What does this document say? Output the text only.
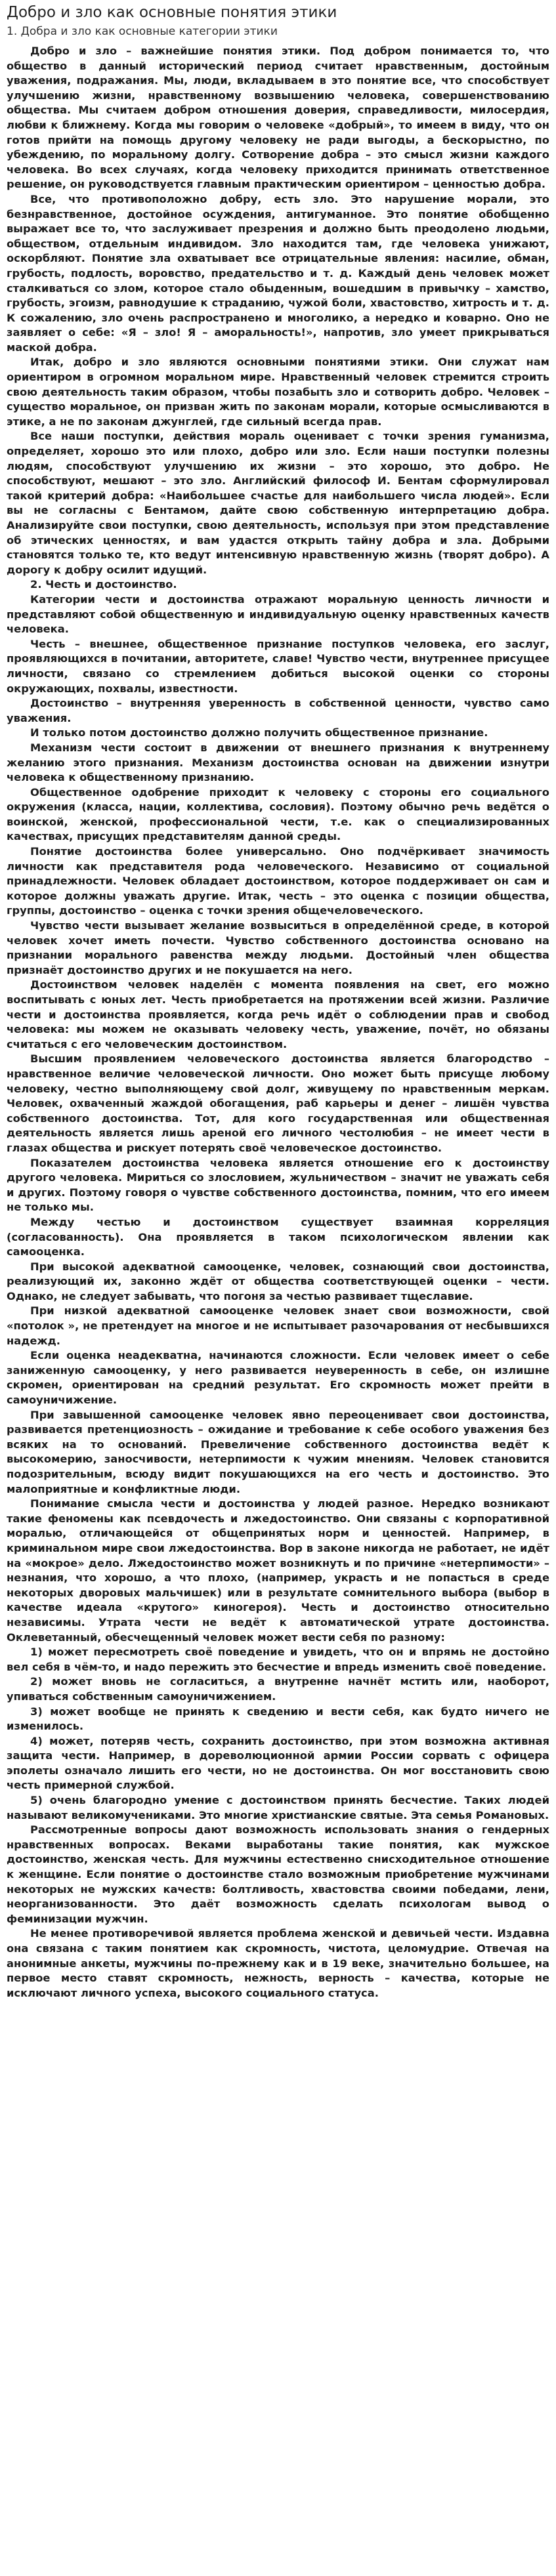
Добро и зло как основные понятия этики
1. Добра и зло как основные категории этики

Добро и зло – важнейшие понятия этики. Под добром понимается то, что общество в данный исторический период считает нравственным, достойным уважения, подражания. Мы, люди, вкладываем в это понятие все, что способствует улучшению жизни, нравственному возвышению человека, совершенствованию общества. Мы считаем добром отношения доверия, справедливости, милосердия, любви к ближнему. Когда мы говорим о человеке «добрый», то имеем в виду, что он готов прийти на помощь другому человеку не ради выгоды, а бескорыстно, по убеждению, по моральному долгу. Сотворение добра – это смысл жизни каждого человека. Во всех случаях, когда человеку приходится принимать ответственное решение, он руководствуется главным практическим ориентиром – ценностью добра.

Все, что противоположно добру, есть зло. Это нарушение морали, это безнравственное, достойное осуждения, антигуманное. Это понятие обобщенно выражает все то, что заслуживает презрения и должно быть преодолено людьми, обществом, отдельным индивидом. Зло находится там, где человека унижают, оскорбляют. Понятие зла охватывает все отрицательные явления: насилие, обман, грубость, подлость, воровство, предательство и т. д. Каждый день человек может сталкиваться со злом, которое стало обыденным, вошедшим в привычку – хамство, грубость, эгоизм, равнодушие к страданию, чужой боли, хвастовство, хитрость и т. д. К сожалению, зло очень распространено и многолико, а нередко и коварно. Оно не заявляет о себе: «Я – зло! Я – аморальность!», напротив, зло умеет прикрываться маской добра.

Итак, добро и зло являются основными понятиями этики. Они служат нам ориентиром в огромном моральном мире. Нравственный человек стремится строить свою деятельность таким образом, чтобы позабыть зло и сотворить добро. Человек – существо моральное, он призван жить по законам морали, которые осмысливаются в этике, а не по законам джунглей, где сильный всегда прав.

Все наши поступки, действия мораль оценивает с точки зрения гуманизма, определяет, хорошо это или плохо, добро или зло. Если наши поступки полезны людям, способствуют улучшению их жизни – это хорошо, это добро. Не способствуют, мешают – это зло. Английский философ И. Бентам сформулировал такой критерий добра: «Наибольшее счастье для наибольшего числа людей». Если вы не согласны с Бентамом, дайте свою собственную интерпретацию добра. Анализируйте свои поступки, свою деятельность, используя при этом представление об этических ценностях, и вам удастся открыть тайну добра и зла. Добрыми становятся только те, кто ведут интенсивную нравственную жизнь (творят добро). А дорогу к добру осилит идущий.

2. Честь и достоинство.

Категории чести и достоинства отражают моральную ценность личности и представляют собой общественную и индивидуальную оценку нравственных качеств человека.

Честь – внешнее, общественное признание поступков человека, его заслуг, проявляющихся в почитании, авторитете, славе! Чувство чести, внутреннее присущее личности, связано со стремлением добиться высокой оценки со стороны окружающих, похвалы, известности.

Достоинство – внутренняя уверенность в собственной ценности, чувство само уважения.

И только потом достоинство должно получить общественное признание.

Механизм чести состоит в движении от внешнего признания к внутреннему желанию этого признания. Механизм достоинства основан на движении изнутри человека к общественному признанию.

Общественное одобрение приходит к человеку с стороны его социального окружения (класса, нации, коллектива, сословия). Поэтому обычно речь ведётся о воинской, женской, профессиональной чести, т.е. как о специализированных качествах, присущих представителям данной среды.

Понятие достоинства более универсально. Оно подчёркивает значимость личности как представителя рода человеческого. Независимо от социальной принадлежности. Человек обладает достоинством, которое поддерживает он сам и которое должны уважать другие. Итак, честь – это оценка с позиции общества, группы, достоинство – оценка с точки зрения общечеловеческого.

Чувство чести вызывает желание возвыситься в определённой среде, в которой человек хочет иметь почести. Чувство собственного достоинства основано на признании морального равенства между людьми. Достойный член общества признаёт достоинство других и не покушается на него.

Достоинством человек наделён с момента появления на свет, его можно воспитывать с юных лет. Честь приобретается на протяжении всей жизни. Различие чести и достоинства проявляется, когда речь идёт о соблюдении прав и свобод человека: мы можем не оказывать человеку честь, уважение, почёт, но обязаны считаться с его человеческим достоинством.

Высшим проявлением человеческого достоинства является благородство – нравственное величие человеческой личности. Оно может быть присуще любому человеку, честно выполняющему свой долг, живущему по нравственным меркам. Человек, охваченный жаждой обогащения, раб карьеры и денег – лишён чувства собственного достоинства. Тот, для кого государственная или общественная деятельность является лишь ареной его личного честолюбия – не имеет чести в глазах общества и рискует потерять своё человеческое достоинство.

Показателем достоинства человека является отношение его к достоинству другого человека. Мириться со злословием, жульничеством – значит не уважать себя и других. Поэтому говоря о чувстве собственного достоинства, помним, что его имеем не только мы.

Между честью и достоинством существует взаимная корреляция (согласованность). Она проявляется в таком психологическом явлении как самооценка.

При высокой адекватной самооценке, человек, сознающий свои достоинства, реализующий их, законно ждёт от общества соответствующей оценки – чести. Однако, не следует забывать, что погоня за честью развивает тщеславие.

При низкой адекватной самооценке человек знает свои возможности, свой «потолок », не претендует на многое и не испытывает разочарования от несбывшихся надежд.

Если оценка неадекватна, начинаются сложности. Если человек имеет о себе заниженную самооценку, у него развивается неуверенность в себе, он излишне скромен, ориентирован на средний результат. Его скромность может прейти в самоуничижение.

При завышенной самооценке человек явно переоценивает свои достоинства, развивается претенциозность – ожидание и требование к себе особого уважения без всяких на то оснований. Превеличение собственного достоинства ведёт к высокомерию, заносчивости, нетерпимости к чужим мнениям. Человек становится подозрительным, всюду видит покушающихся на его честь и достоинство. Это малоприятные и конфликтные люди.

Понимание смысла чести и достоинства у людей разное. Нередко возникают такие феномены как псевдочесть и лжедостоинство. Они связаны с корпоративной моралью, отличающейся от общепринятых норм и ценностей. Например, в криминальном мире свои лжедостоинства. Вор в законе никогда не работает, не идёт на «мокрое» дело. Лжедостоинство может возникнуть и по причине «нетерпимости» – незнания, что хорошо, а что плохо, (например, украсть и не попасться в среде некоторых дворовых мальчишек) или в результате сомнительного выбора (выбор в качестве идеала «крутого» киногероя). Честь и достоинство относительно независимы. Утрата чести не ведёт к автоматической утрате достоинства. Оклеветанный, обесчещенный человек может вести себя по разному:

1) может пересмотреть своё поведение и увидеть, что он и впрямь не достойно вел себя в чём-то, и надо пережить это бесчестие и впредь изменить своё поведение.

2) может вновь не согласиться, а внутренне начнёт мстить или, наоборот, упиваться собственным самоуничижением.

3) может вообще не принять к сведению и вести себя, как будто ничего не изменилось.

4) может, потеряв честь, сохранить достоинство, при этом возможна активная защита чести. Например, в дореволюционной армии России сорвать с офицера эполеты означало лишить его чести, но не достоинства. Он мог восстановить свою честь примерной службой.

5) очень благородно умение с достоинством принять бесчестие. Таких людей называют великомучениками. Это многие христианские святые. Эта семья Романовых.

Рассмотренные вопросы дают возможность использовать знания о гендерных нравственных вопросах. Веками выработаны такие понятия, как мужское достоинство, женская честь. Для мужчины естественно снисходительное отношение к женщине. Если понятие о достоинстве стало возможным приобретение мужчинами некоторых не мужских качеств: болтливость, хвастовства своими победами, лени, неорганизованности. Это даёт возможность сделать психологам вывод о феминизации мужчин.

Не менее противоречивой является проблема женской и девичьей чести. Издавна она связана с таким понятием как скромность, чистота, целомудрие. Отвечая на анонимные анкеты, мужчины по-прежнему как и в 19 веке, значительно большее, на первое место ставят скромность, нежность, верность – качества, которые не исключают личного успеха, высокого социального статуса.
